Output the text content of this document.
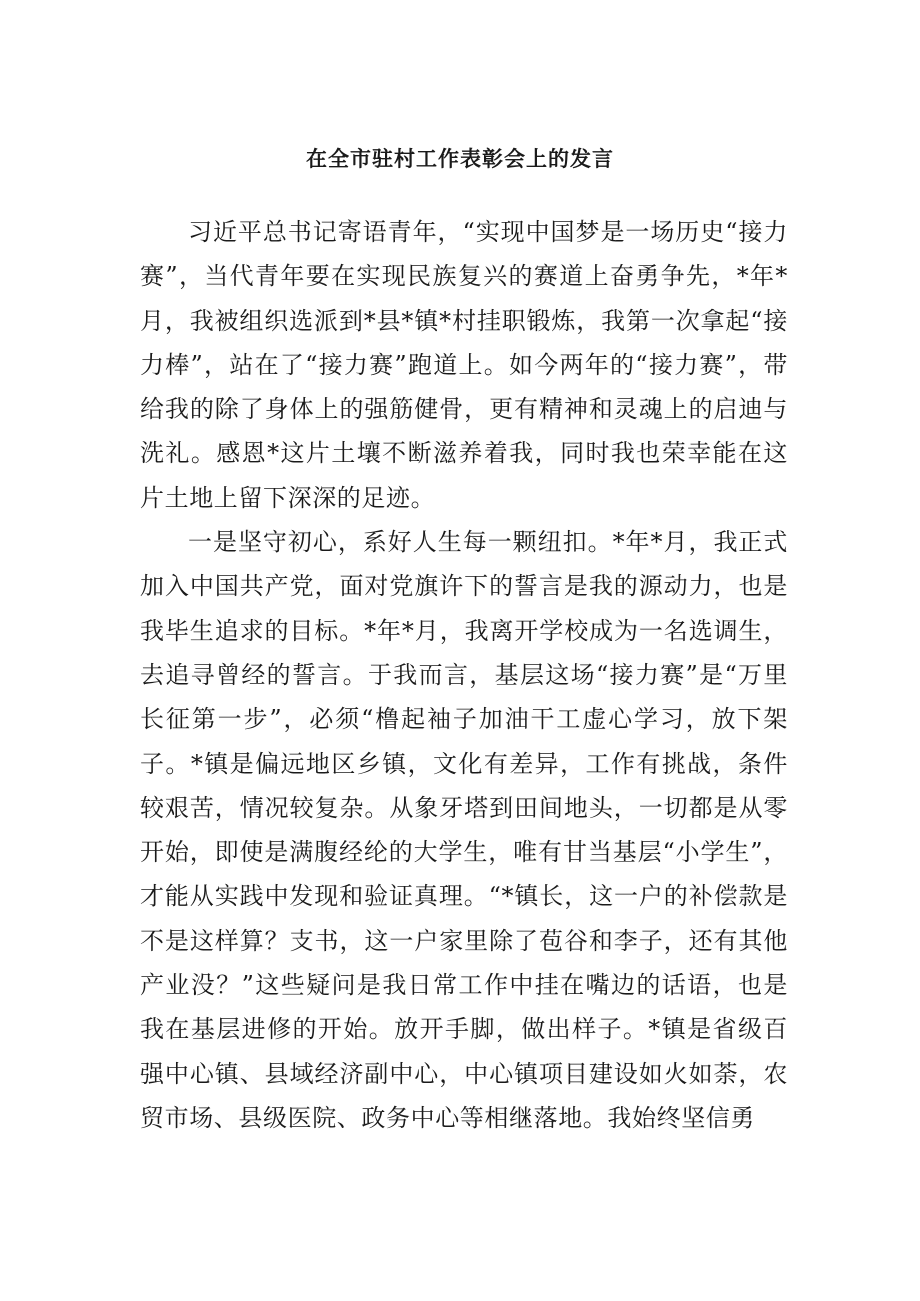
在全市驻村工作表彰会上的发言

习近平总书记寄语青年，“实现中国梦是一场历史“接力赛”，当代青年要在实现民族复兴的赛道上奋勇争先，*年*月，我被组织选派到*县*镇*村挂职锻炼，我第一次拿起“接力棒”，站在了“接力赛”跑道上。如今两年的“接力赛”，带给我的除了身体上的强筋健骨，更有精神和灵魂上的启迪与洗礼。感恩*这片土壤不断滋养着我，同时我也荣幸能在这片土地上留下深深的足迹。

一是坚守初心，系好人生每一颗纽扣。*年*月，我正式加入中国共产党，面对党旗许下的誓言是我的源动力，也是我毕生追求的目标。*年*月，我离开学校成为一名选调生，去追寻曾经的誓言。于我而言，基层这场“接力赛”是“万里长征第一步”，必须“橹起袖子加油干工虚心学习，放下架子。*镇是偏远地区乡镇，文化有差异，工作有挑战，条件较艰苦，情况较复杂。从象牙塔到田间地头，一切都是从零开始，即使是满腹经纶的大学生，唯有甘当基层“小学生”，才能从实践中发现和验证真理。“*镇长，这一户的补偿款是不是这样算？支书，这一户家里除了苞谷和李子，还有其他产业没？”这些疑问是我日常工作中挂在嘴边的话语，也是我在基层进修的开始。放开手脚，做出样子。*镇是省级百强中心镇、县域经济副中心，中心镇项目建设如火如荼，农贸市场、县级医院、政务中心等相继落地。我始终坚信勇
